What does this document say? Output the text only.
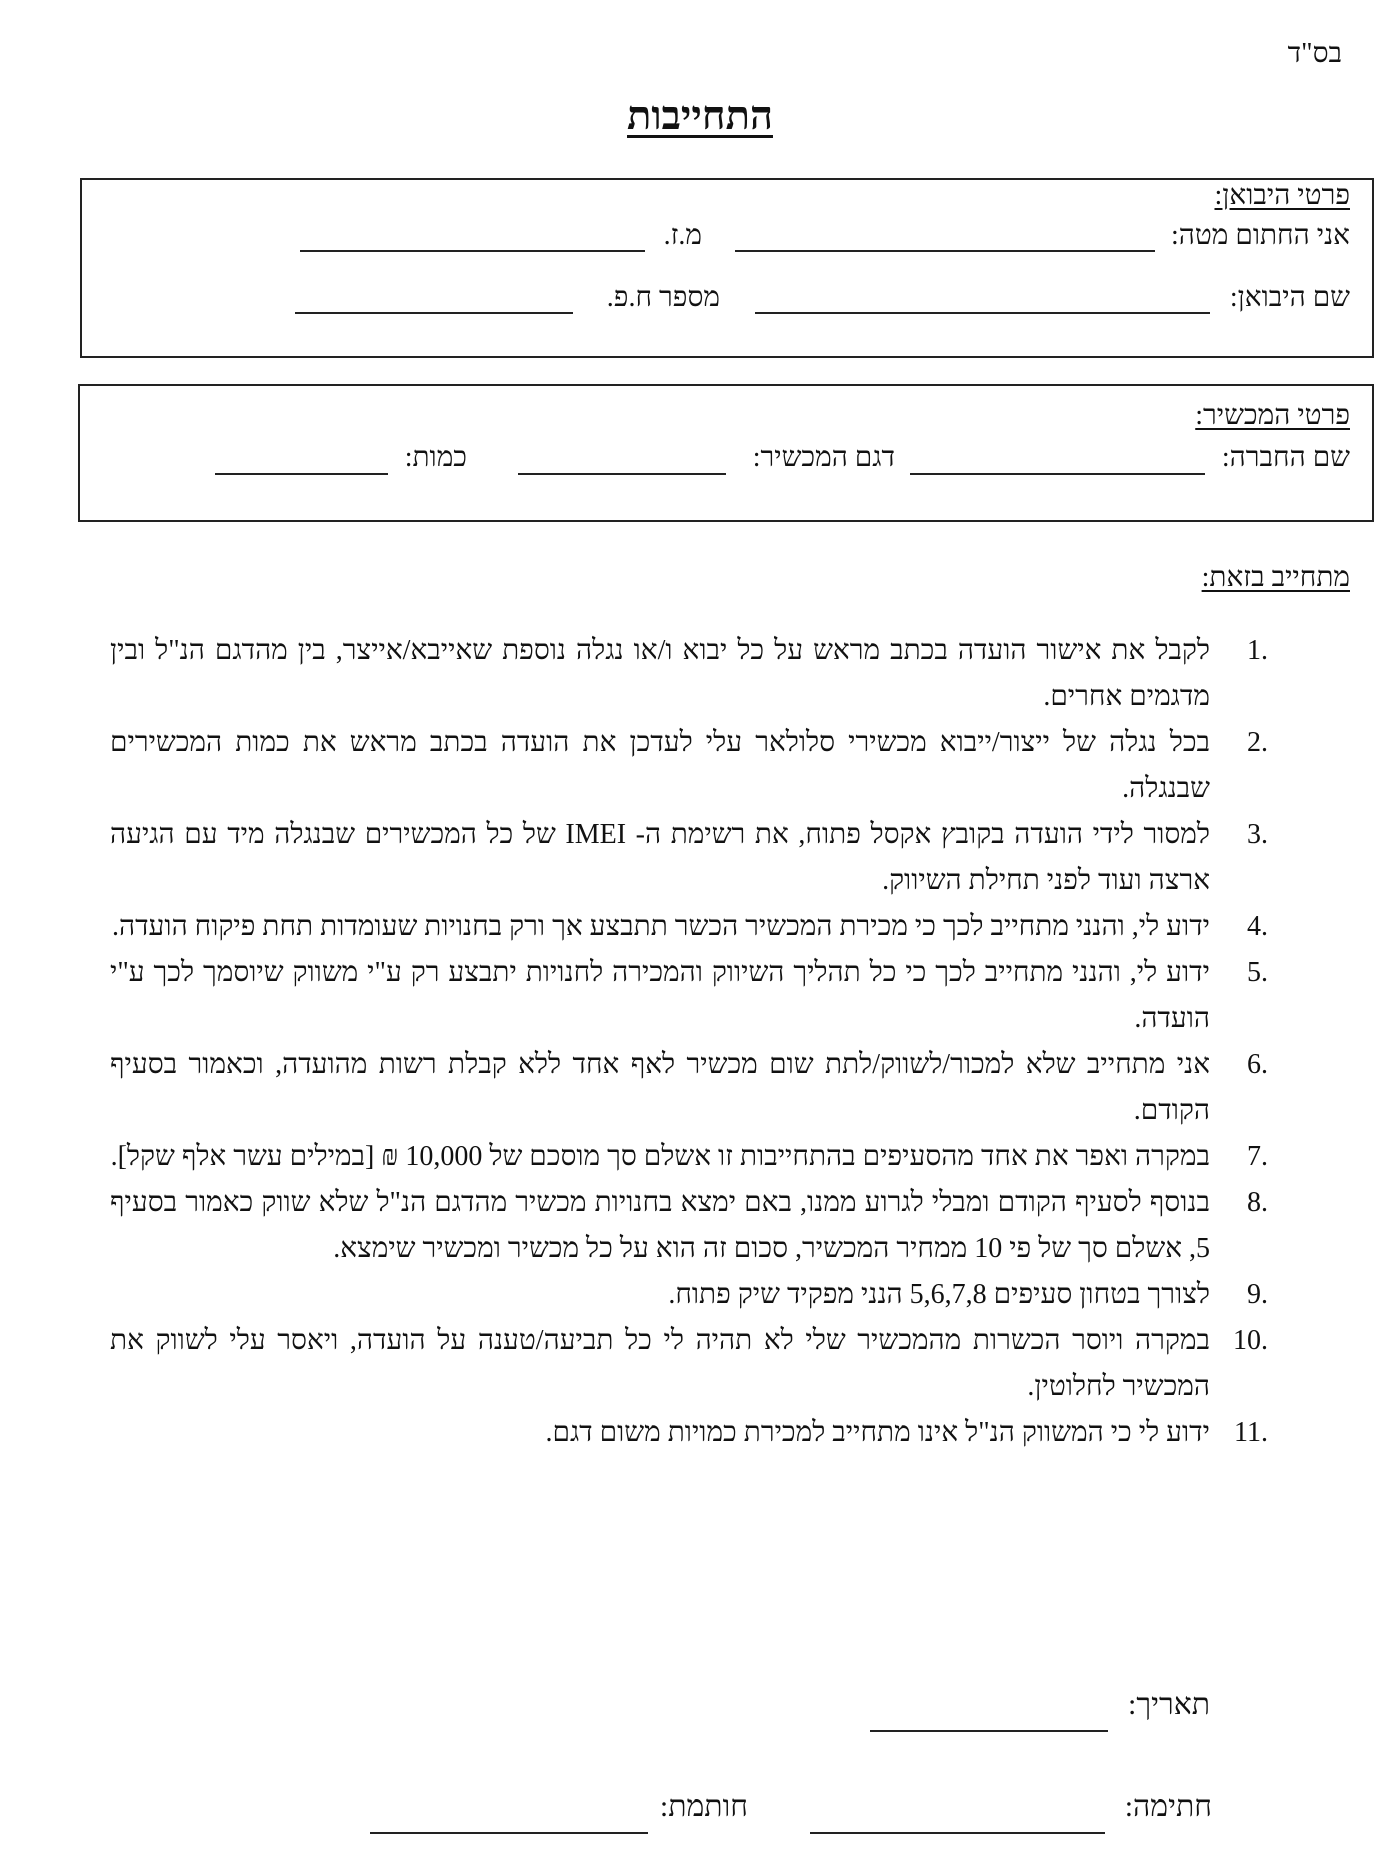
בס"ד
התחייבות
פרטי היבואן:
אני החתום מטה:
מ.ז.
שם היבואן:
מספר ח.פ.
פרטי המכשיר:
שם החברה:
דגם המכשיר:
כמות:
מתחייב בזאת:
1.
לקבל את אישור הועדה בכתב מראש על כל יבוא ו/או נגלה נוספת שאייבא/אייצר, בין מהדגם הנ"ל ובין מדגמים אחרים.
2.
בכל נגלה של ייצור/ייבוא מכשירי סלולאר עלי לעדכן את הועדה בכתב מראש את כמות המכשירים שבנגלה.
3.
למסור לידי הועדה בקובץ אקסל פתוח, את רשימת ה- IMEI של כל המכשירים שבנגלה מיד עם הגיעה ארצה ועוד לפני תחילת השיווק.
4.
ידוע לי, והנני מתחייב לכך כי מכירת המכשיר הכשר תתבצע אך ורק בחנויות שעומדות תחת פיקוח הועדה.
5.
ידוע לי, והנני מתחייב לכך כי כל תהליך השיווק והמכירה לחנויות יתבצע רק ע"י משווק שיוסמך לכך ע"י הועדה.
6.
אני מתחייב שלא למכור/לשווק/לתת שום מכשיר לאף אחד ללא קבלת רשות מהועדה, וכאמור בסעיף הקודם.
7.
במקרה ואפר את אחד מהסעיפים בהתחייבות זו אשלם סך מוסכם של 10,000 ₪ [במילים עשר אלף שקל].
8.
בנוסף לסעיף הקודם ומבלי לגרוע ממנו, באם ימצא בחנויות מכשיר מהדגם הנ"ל שלא שווק כאמור בסעיף 5, אשלם סך של פי 10 ממחיר המכשיר, סכום זה הוא על כל מכשיר ומכשיר שימצא.
9.
לצורך בטחון סעיפים 5,6,7,8 הנני מפקיד שיק פתוח.
10.
במקרה ויוסר הכשרות מהמכשיר שלי לא תהיה לי כל תביעה/טענה על הועדה, ויאסר עלי לשווק את המכשיר לחלוטין.
11.
ידוע לי כי המשווק הנ"ל אינו מתחייב למכירת כמויות משום דגם.
תאריך:
חתימה:
חותמת:
